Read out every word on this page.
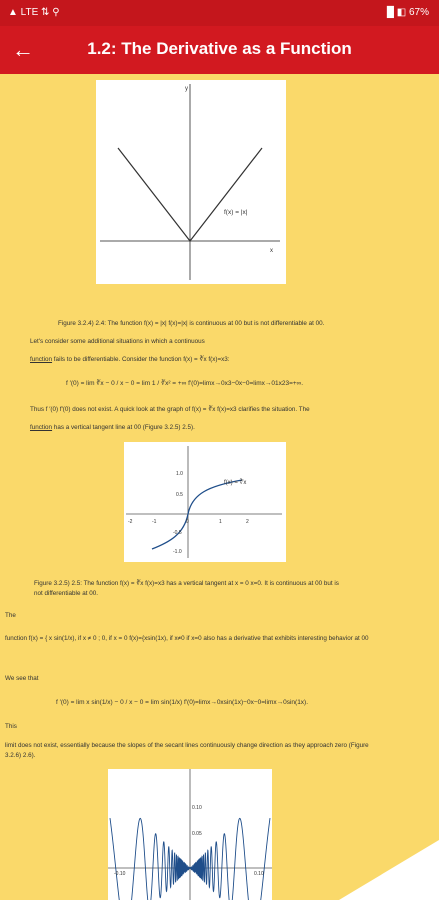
▲ LTE ⇅ ⚲	█ ◧ 67%
←	1.2: The Derivative as a Function
y
x
f(x) = |x|
Figure 3.2.4) 2.4: The function f(x) = |x| f(x)=|x| is continuous at 00 but is not differentiable at 00.
Let's consider some additional situations in which a continuous
function fails to be differentiable. Consider the function f(x) = ∛x f(x)=x3:
f ′(0) = lim ∛x − 0 / x − 0 = lim 1 / ∛x² = +∞ f′(0)=limx→0x3−0x−0=limx→01x23=+∞.
Thus f ′(0) f′(0) does not exist. A quick look at the graph of f(x) = ∛x f(x)=x3 clarifies the situation. The
function has a vertical tangent line at 00 (Figure 3.2.5) 2.5).
1.0
0.5
-0.5
-1.0
-2	-1	0	1	2
f(x) = ∛x
Figure 3.2.5) 2.5: The function f(x) = ∛x f(x)=x3 has a vertical tangent at x = 0 x=0. It is continuous at 00 but is
not differentiable at 00.
The
function f(x) = { x sin(1/x), if x ≠ 0 ; 0, if x = 0 f(x)={xsin(1x), if x≠0 if x=0 also has a derivative that exhibits interesting behavior at 00
We see that
f ′(0) = lim x sin(1/x) − 0 / x − 0 = lim sin(1/x) f′(0)=limx→0xsin(1x)−0x−0=limx→0sin(1x).
This
limit does not exist, essentially because the slopes of the secant lines continuously change direction as they approach zero (Figure
3.2.6) 2.6).
-0.10	0.10
0.10
0.05
